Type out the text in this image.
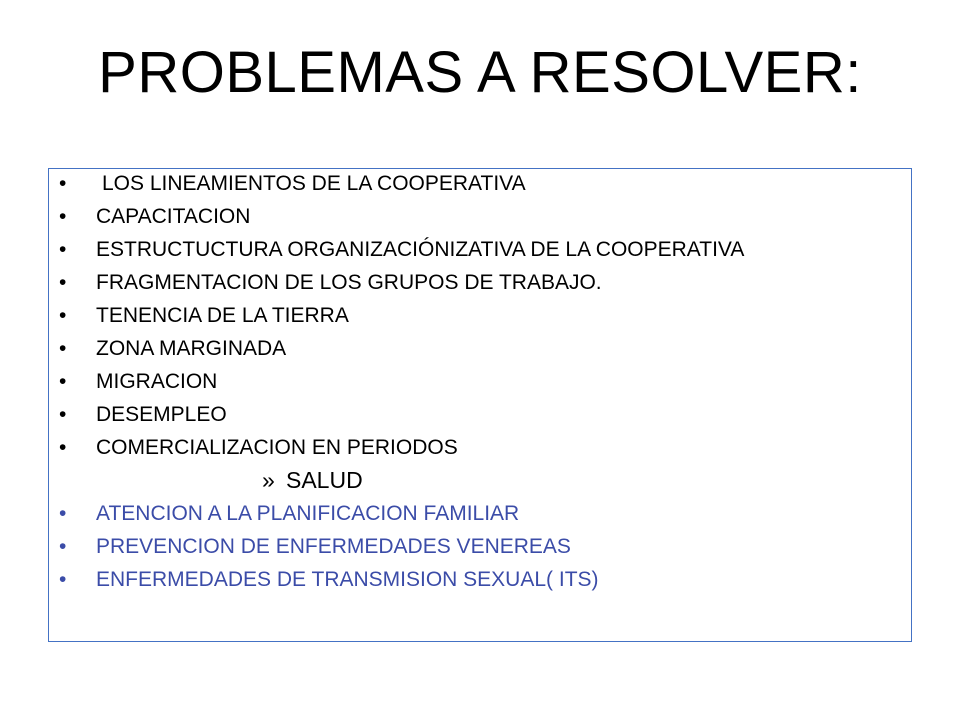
PROBLEMAS A RESOLVER:
•	LOS LINEAMIENTOS DE LA COOPERATIVA
•	CAPACITACION
•	ESTRUCTUCTURA ORGANIZACIÓNIZATIVA DE LA COOPERATIVA
•	FRAGMENTACION DE LOS GRUPOS DE TRABAJO.
•	TENENCIA DE LA TIERRA
•	ZONA MARGINADA
•	MIGRACION
•	DESEMPLEO
•	COMERCIALIZACION EN PERIODOS
» SALUD
•	ATENCION A LA PLANIFICACION FAMILIAR
•	PREVENCION DE ENFERMEDADES VENEREAS
•	ENFERMEDADES DE TRANSMISION SEXUAL( ITS)
